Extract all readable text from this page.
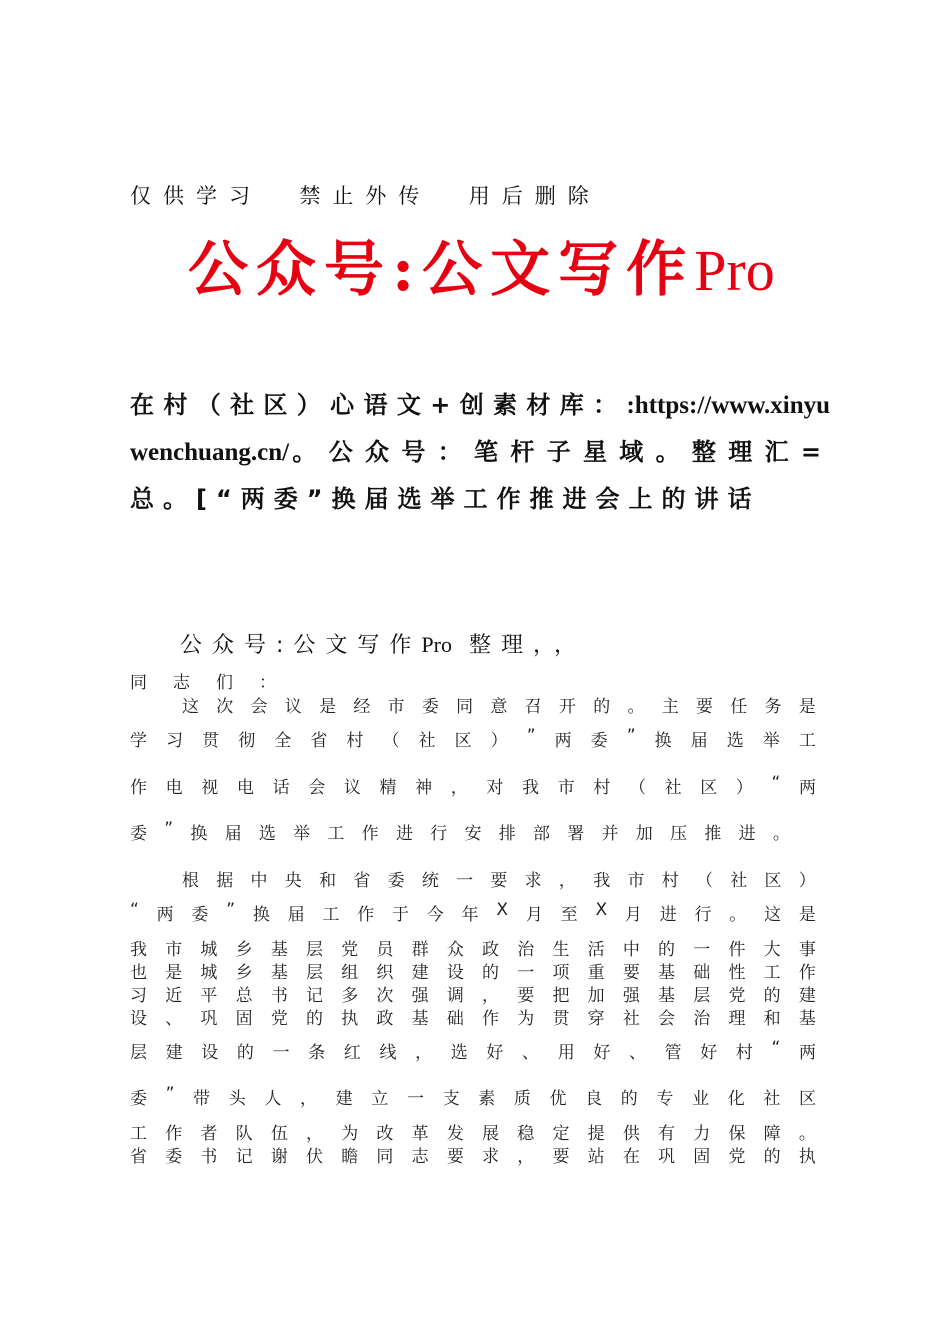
仅供学习  禁止外传  用后删除
公众号:公文写作Pro
在村（社区）心语文+创素材库：:https://www.xinyuwenchuang.cn/。公众号：笔杆子星域。整理汇=总。[“两委”换届选举工作推进会上的讲话
公众号:公文写作Pro 整理，，
同 志 们 ：
这 次 会 议 是 经 市 委 同 意 召 开 的 。 主 要 任 务 是
学 习 贯 彻 全 省 村 （ 社 区 ） ” 两 委 ” 换 届 选 举 工
作 电 视 电 话 会 议 精 神 ， 对 我 市 村 （ 社 区 ） “ 两
委 ” 换 届 选 举 工 作 进 行 安 排 部 署 并 加 压 推 进 。
根 据 中 央 和 省 委 统 一 要 求 ， 我 市 村 （ 社 区 ）
“ 两 委 ” 换 届 工 作 于 今 年 X 月 至 X 月 进 行 。 这 是
我 市 城 乡 基 层 党 员 群 众 政 治 生 活 中 的 一 件 大 事
也 是 城 乡 基 层 组 织 建 设 的 一 项 重 要 基 础 性 工 作
习 近 平 总 书 记 多 次 强 调 ， 要 把 加 强 基 层 党 的 建
设 、 巩 固 党 的 执 政 基 础 作 为 贯 穿 社 会 治 理 和 基
层 建 设 的 一 条 红 线 ， 选 好 、 用 好 、 管 好 村 “ 两
委 ” 带 头 人 ， 建 立 一 支 素 质 优 良 的 专 业 化 社 区
工 作 者 队 伍 ， 为 改 革 发 展 稳 定 提 供 有 力 保 障 。
省 委 书 记 谢 伏 瞻 同 志 要 求 ， 要 站 在 巩 固 党 的 执
